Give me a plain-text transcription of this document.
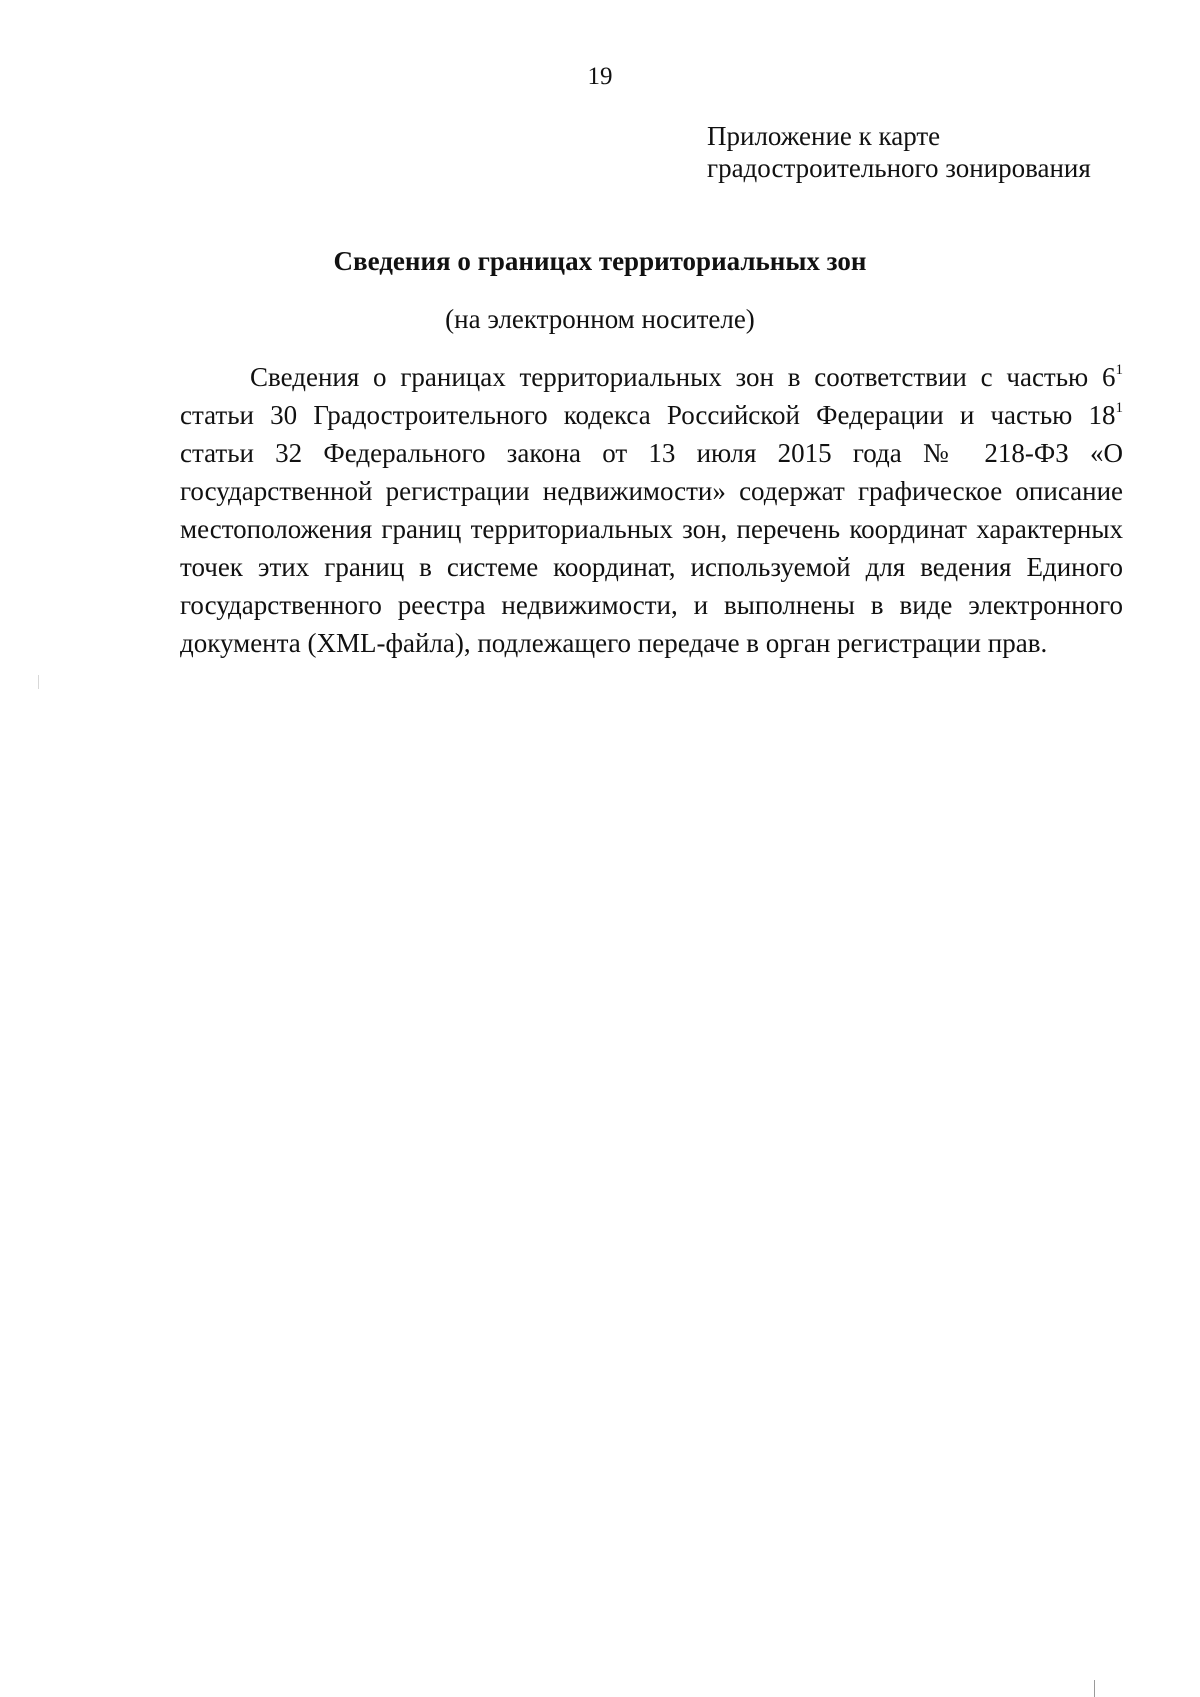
19
Приложение к карте
градостроительного зонирования
Сведения о границах территориальных зон
(на электронном носителе)

Сведения о границах территориальных зон в соответствии с частью $6^1$ статьи 30 Градостроительного кодекса Российской Федерации и частью $18^1$ статьи 32 Федерального закона от 13 июля 2015 года № 218-ФЗ «О государственной регистрации недвижимости» содержат графическое описание местоположения границ территориальных зон, перечень координат характерных точек этих границ в системе координат, используемой для ведения Единого государственного реестра недвижимости, и выполнены в виде электронного документа (XML-файла), подлежащего передаче в орган регистрации прав.
